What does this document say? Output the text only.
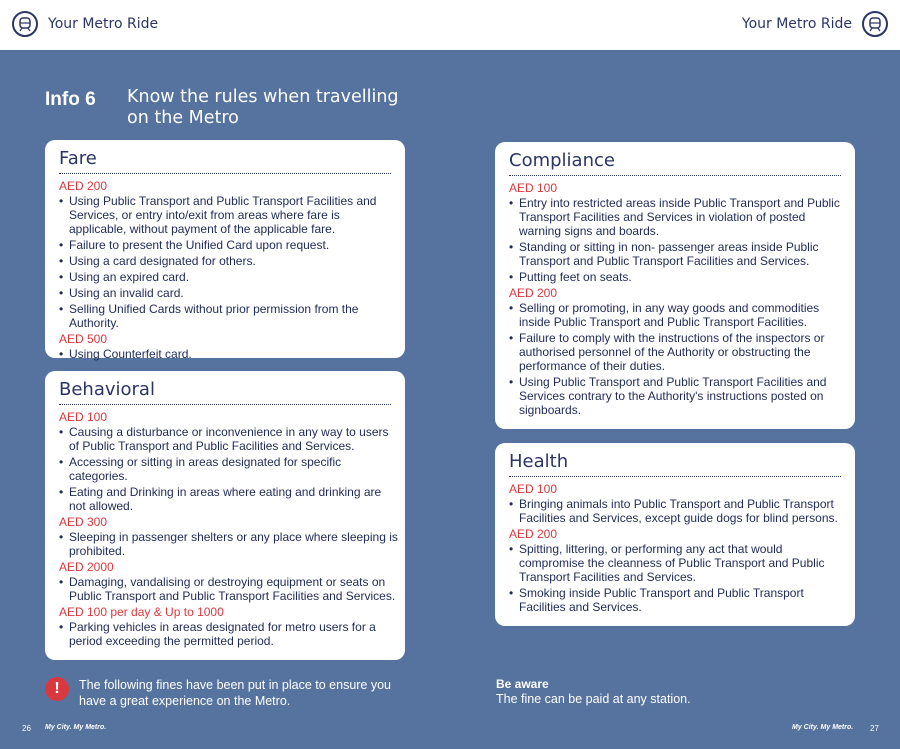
Your Metro Ride	Your Metro Ride
Info 6	Know the rules when travelling on the Metro
Fare
AED 200
• Using Public Transport and Public Transport Facilities and Services, or entry into/exit from areas where fare is applicable, without payment of the applicable fare.
• Failure to present the Unified Card upon request.
• Using a card designated for others.
• Using an expired card.
• Using an invalid card.
• Selling Unified Cards without prior permission from the Authority.
AED 500
• Using Counterfeit card.
Behavioral
AED 100
• Causing a disturbance or inconvenience in any way to users of Public Transport and Public Facilities and Services.
• Accessing or sitting in areas designated for specific categories.
• Eating and Drinking in areas where eating and drinking are not allowed.
AED 300
• Sleeping in passenger shelters or any place where sleeping is prohibited.
AED 2000
• Damaging, vandalising or destroying equipment or seats on Public Transport and Public Transport Facilities and Services.
AED 100 per day & Up to 1000
• Parking vehicles in areas designated for metro users for a period exceeding the permitted period.
Compliance
AED 100
• Entry into restricted areas inside Public Transport and Public Transport Facilities and Services in violation of posted warning signs and boards.
• Standing or sitting in non- passenger areas inside Public Transport and Public Transport Facilities and Services.
• Putting feet on seats.
AED 200
• Selling or promoting, in any way goods and commodities inside Public Transport and Public Transport Facilities.
• Failure to comply with the instructions of the inspectors or authorised personnel of the Authority or obstructing the performance of their duties.
• Using Public Transport and Public Transport Facilities and Services contrary to the Authority's instructions posted on signboards.
Health
AED 100
• Bringing animals into Public Transport and Public Transport Facilities and Services, except guide dogs for blind persons.
AED 200
• Spitting, littering, or performing any act that would compromise the cleanness of Public Transport and Public Transport Facilities and Services.
• Smoking inside Public Transport and Public Transport Facilities and Services.
!	The following fines have been put in place to ensure you have a great experience on the Metro.
Be aware
The fine can be paid at any station.
26 My City. My Metro.	My City. My Metro. 27
